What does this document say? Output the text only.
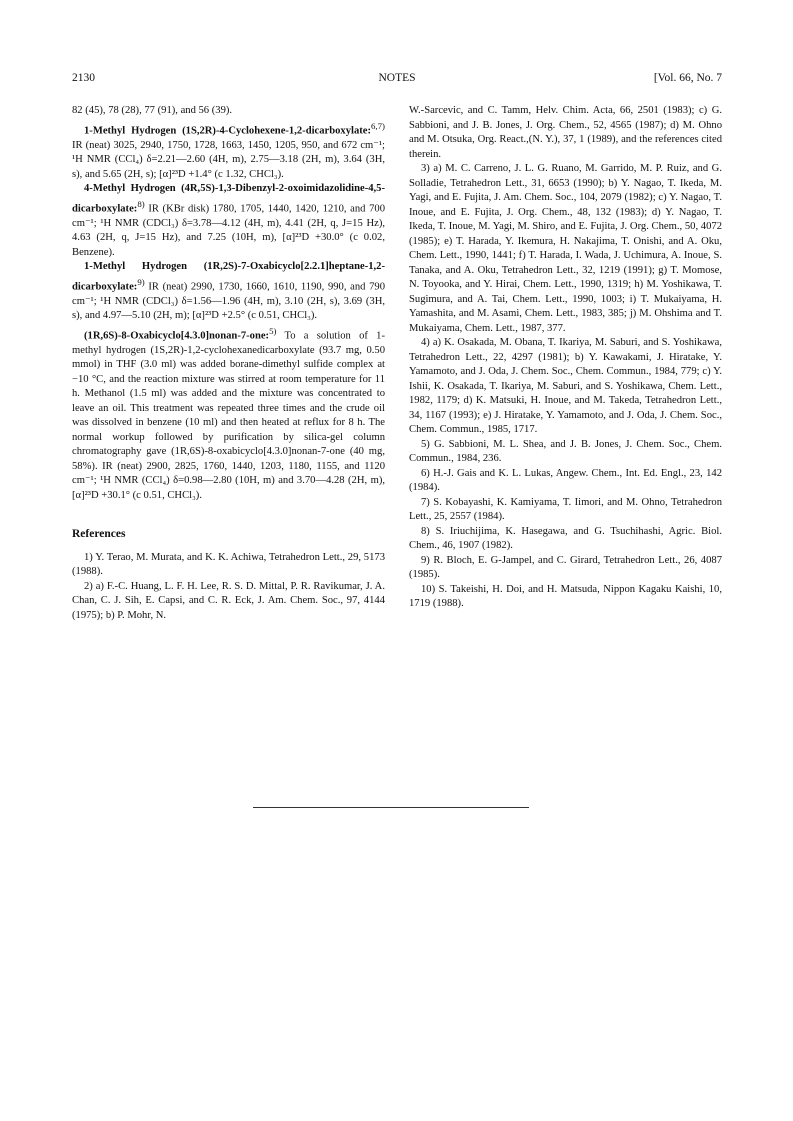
2130	NOTES	[Vol. 66, No. 7

82 (45), 78 (28), 77 (91), and 56 (39).

1-Methyl Hydrogen (1S,2R)-4-Cyclohexene-1,2-dicarboxylate:$^{6,7)}$ IR (neat) 3025, 2940, 1750, 1728, 1663, 1450, 1205, 950, and 672 cm⁻¹; ¹H NMR (CCl₄) δ=2.21—2.60 (4H, m), 2.75—3.18 (2H, m), 3.64 (3H, s), and 5.65 (2H, s); [α]²³D +1.4° (c 1.32, CHCl₃).

4-Methyl Hydrogen (4R,5S)-1,3-Dibenzyl-2-oxoimidazolidine-4,5-dicarboxylate:$^{8)}$ IR (KBr disk) 1780, 1705, 1440, 1420, 1210, and 700 cm⁻¹; ¹H NMR (CDCl₃) δ=3.78—4.12 (4H, m), 4.41 (2H, q, J=15 Hz), 4.63 (2H, q, J=15 Hz), and 7.25 (10H, m), [α]²³D +30.0° (c 0.02, Benzene).

1-Methyl Hydrogen (1R,2S)-7-Oxabicyclo[2.2.1]heptane-1,2-dicarboxylate:$^{9)}$ IR (neat) 2990, 1730, 1660, 1610, 1190, 990, and 790 cm⁻¹; ¹H NMR (CDCl₃) δ=1.56—1.96 (4H, m), 3.10 (2H, s), 3.69 (3H, s), and 4.97—5.10 (2H, m); [α]²³D +2.5° (c 0.51, CHCl₃).

(1R,6S)-8-Oxabicyclo[4.3.0]nonan-7-one:$^{5)}$ To a solution of 1-methyl hydrogen (1S,2R)-1,2-cyclohexanedicarboxylate (93.7 mg, 0.50 mmol) in THF (3.0 ml) was added borane-dimethyl sulfide complex at −10 °C, and the reaction mixture was stirred at room temperature for 11 h. Methanol (1.5 ml) was added and the mixture was concentrated to leave an oil. This treatment was repeated three times and the crude oil was dissolved in benzene (10 ml) and then heated at reflux for 8 h. The normal workup followed by purification by silica-gel column chromatography gave (1R,6S)-8-oxabicyclo[4.3.0]nonan-7-one (40 mg, 58%). IR (neat) 2900, 2825, 1760, 1440, 1203, 1180, 1155, and 1120 cm⁻¹; ¹H NMR (CCl₄) δ=0.98—2.80 (10H, m) and 3.70—4.28 (2H, m), [α]²³D +30.1° (c 0.51, CHCl₃).

References

1) Y. Terao, M. Murata, and K. K. Achiwa, Tetrahedron Lett., 29, 5173 (1988).

2) a) F.-C. Huang, L. F. H. Lee, R. S. D. Mittal, P. R. Ravikumar, J. A. Chan, C. J. Sih, E. Capsi, and C. R. Eck, J. Am. Chem. Soc., 97, 4144 (1975); b) P. Mohr, N.

W.-Sarcevic, and C. Tamm, Helv. Chim. Acta, 66, 2501 (1983); c) G. Sabbioni, and J. B. Jones, J. Org. Chem., 52, 4565 (1987); d) M. Ohno and M. Otsuka, Org. React.,(N. Y.), 37, 1 (1989), and the references cited therein.

3) a) M. C. Carreno, J. L. G. Ruano, M. Garrido, M. P. Ruiz, and G. Solladie, Tetrahedron Lett., 31, 6653 (1990); b) Y. Nagao, T. Ikeda, M. Yagi, and E. Fujita, J. Am. Chem. Soc., 104, 2079 (1982); c) Y. Nagao, T. Inoue, and E. Fujita, J. Org. Chem., 48, 132 (1983); d) Y. Nagao, T. Ikeda, T. Inoue, M. Yagi, M. Shiro, and E. Fujita, J. Org. Chem., 50, 4072 (1985); e) T. Harada, Y. Ikemura, H. Nakajima, T. Onishi, and A. Oku, Chem. Lett., 1990, 1441; f) T. Harada, I. Wada, J. Uchimura, A. Inoue, S. Tanaka, and A. Oku, Tetrahedron Lett., 32, 1219 (1991); g) T. Momose, N. Toyooka, and Y. Hirai, Chem. Lett., 1990, 1319; h) M. Yoshikawa, T. Sugimura, and A. Tai, Chem. Lett., 1990, 1003; i) T. Mukaiyama, H. Yamashita, and M. Asami, Chem. Lett., 1983, 385; j) M. Ohshima and T. Mukaiyama, Chem. Lett., 1987, 377.

4) a) K. Osakada, M. Obana, T. Ikariya, M. Saburi, and S. Yoshikawa, Tetrahedron Lett., 22, 4297 (1981); b) Y. Kawakami, J. Hiratake, Y. Yamamoto, and J. Oda, J. Chem. Soc., Chem. Commun., 1984, 779; c) Y. Ishii, K. Osakada, T. Ikariya, M. Saburi, and S. Yoshikawa, Chem. Lett., 1982, 1179; d) K. Matsuki, H. Inoue, and M. Takeda, Tetrahedron Lett., 34, 1167 (1993); e) J. Hiratake, Y. Yamamoto, and J. Oda, J. Chem. Soc., Chem. Commun., 1985, 1717.

5) G. Sabbioni, M. L. Shea, and J. B. Jones, J. Chem. Soc., Chem. Commun., 1984, 236.

6) H.-J. Gais and K. L. Lukas, Angew. Chem., Int. Ed. Engl., 23, 142 (1984).

7) S. Kobayashi, K. Kamiyama, T. Iimori, and M. Ohno, Tetrahedron Lett., 25, 2557 (1984).

8) S. Iriuchijima, K. Hasegawa, and G. Tsuchihashi, Agric. Biol. Chem., 46, 1907 (1982).

9) R. Bloch, E. G-Jampel, and C. Girard, Tetrahedron Lett., 26, 4087 (1985).

10) S. Takeishi, H. Doi, and H. Matsuda, Nippon Kagaku Kaishi, 10, 1719 (1988).
